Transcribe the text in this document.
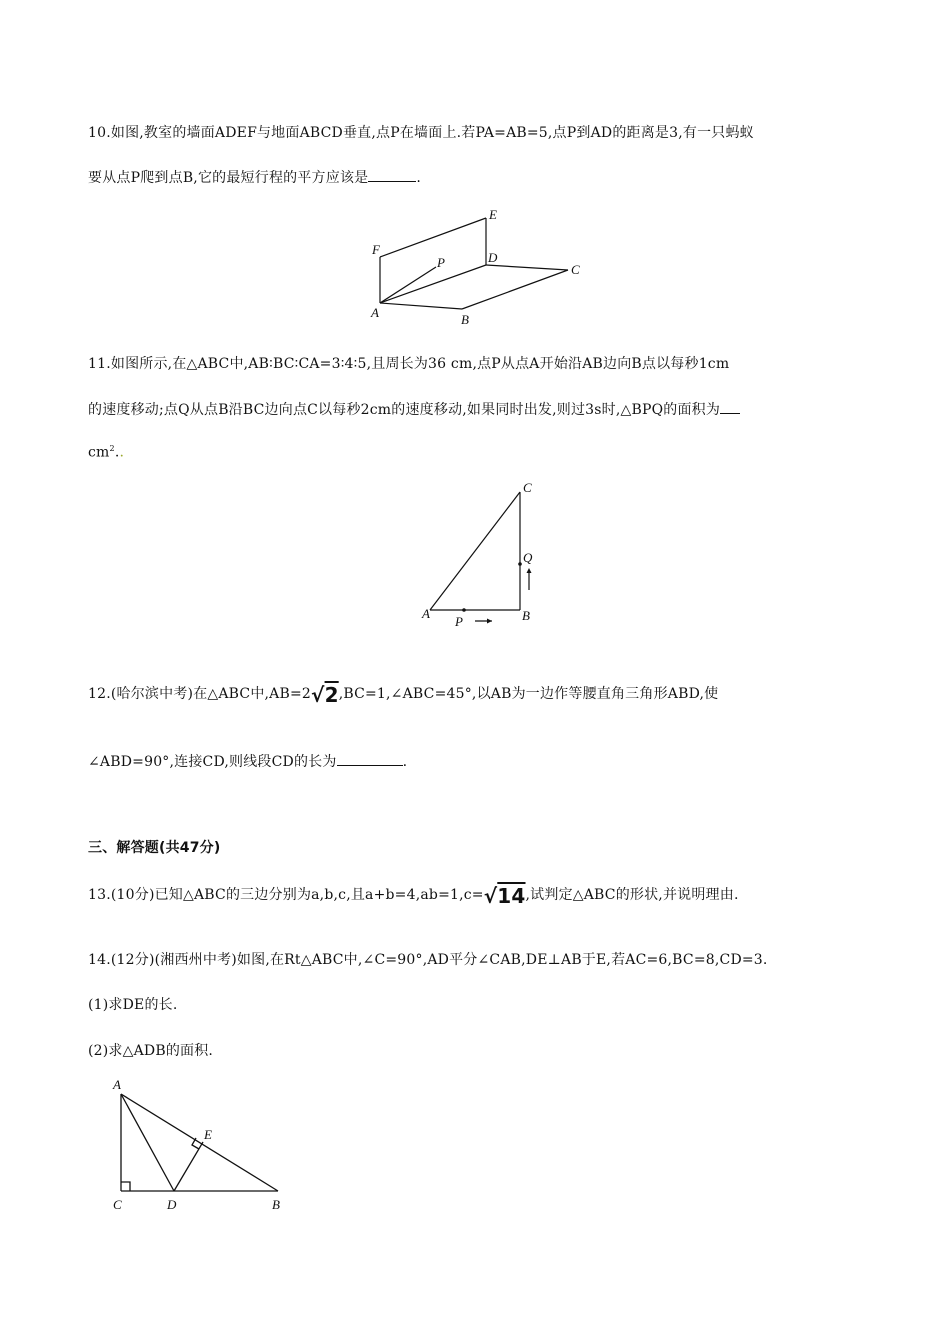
10.如图,教室的墙面ADEF与地面ABCD垂直,点P在墙面上.若PA=AB=5,点P到AD的距离是3,有一只蚂蚁
要从点P爬到点B,它的最短行程的平方应该是	.
E
F
P	D
C
A	B
11.如图所示,在△ABC中,AB∶BC∶CA=3∶4∶5,且周长为36 cm,点P从点A开始沿AB边向B点以每秒1cm
的速度移动;点Q从点B沿BC边向点C以每秒2cm的速度移动,如果同时出发,则过3s时,△BPQ的面积为
$cm^2$..
C
Q
A
P	B
12.(哈尔滨中考)在△ABC中,AB=2√2,BC=1,∠ABC=45°,以AB为一边作等腰直角三角形ABD,使
∠ABD=90°,连接CD,则线段CD的长为	.
三、解答题(共47分)
13.(10分)已知△ABC的三边分别为a,b,c,且a+b=4,ab=1,c=√14,试判定△ABC的形状,并说明理由.
14.(12分)(湘西州中考)如图,在Rt△ABC中,∠C=90°,AD平分∠CAB,DE⊥AB于E,若AC=6,BC=8,CD=3.
(1)求DE的长.
(2)求△ADB的面积.
A
E
C	D	B
